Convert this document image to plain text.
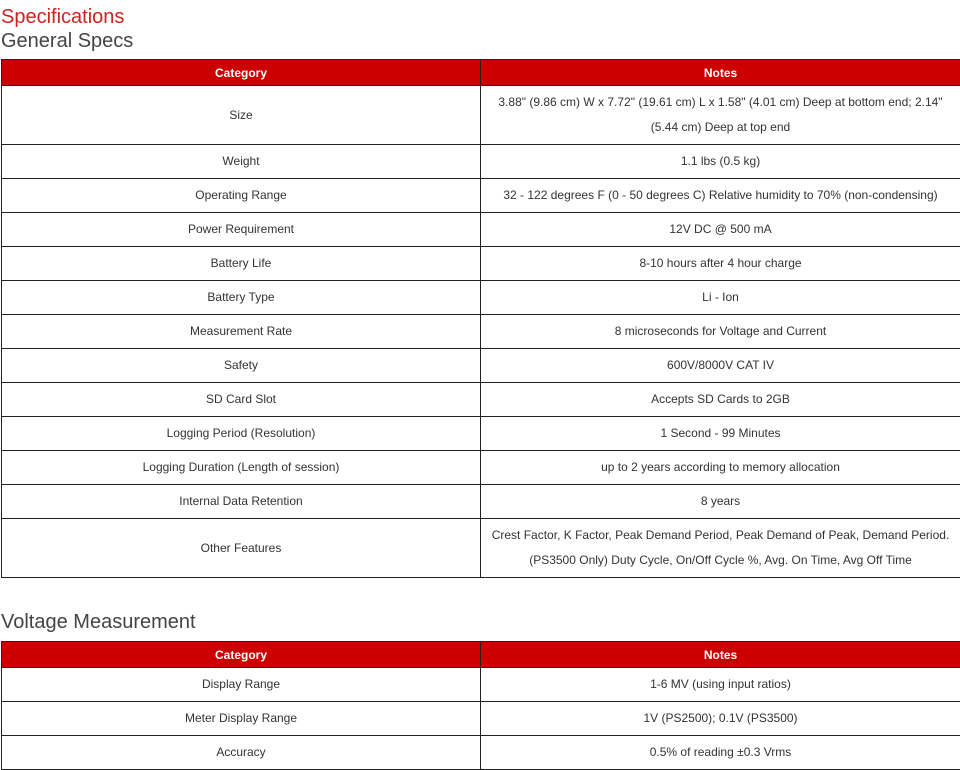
Specifications
General Specs
Category	Notes
Size	3.88" (9.86 cm) W x 7.72" (19.61 cm) L x 1.58" (4.01 cm) Deep at bottom end; 2.14" (5.44 cm) Deep at top end
Weight	1.1 lbs (0.5 kg)
Operating Range	32 - 122 degrees F (0 - 50 degrees C) Relative humidity to 70% (non-condensing)
Power Requirement	12V DC @ 500 mA
Battery Life	8-10 hours after 4 hour charge
Battery Type	Li - Ion
Measurement Rate	8 microseconds for Voltage and Current
Safety	600V/8000V CAT IV
SD Card Slot	Accepts SD Cards to 2GB
Logging Period (Resolution)	1 Second - 99 Minutes
Logging Duration (Length of session)	up to 2 years according to memory allocation
Internal Data Retention	8 years
Other Features	Crest Factor, K Factor, Peak Demand Period, Peak Demand of Peak, Demand Period. (PS3500 Only) Duty Cycle, On/Off Cycle %, Avg. On Time, Avg Off Time
Voltage Measurement
Category	Notes
Display Range	1-6 MV (using input ratios)
Meter Display Range	1V (PS2500); 0.1V (PS3500)
Accuracy	0.5% of reading ±0.3 Vrms
